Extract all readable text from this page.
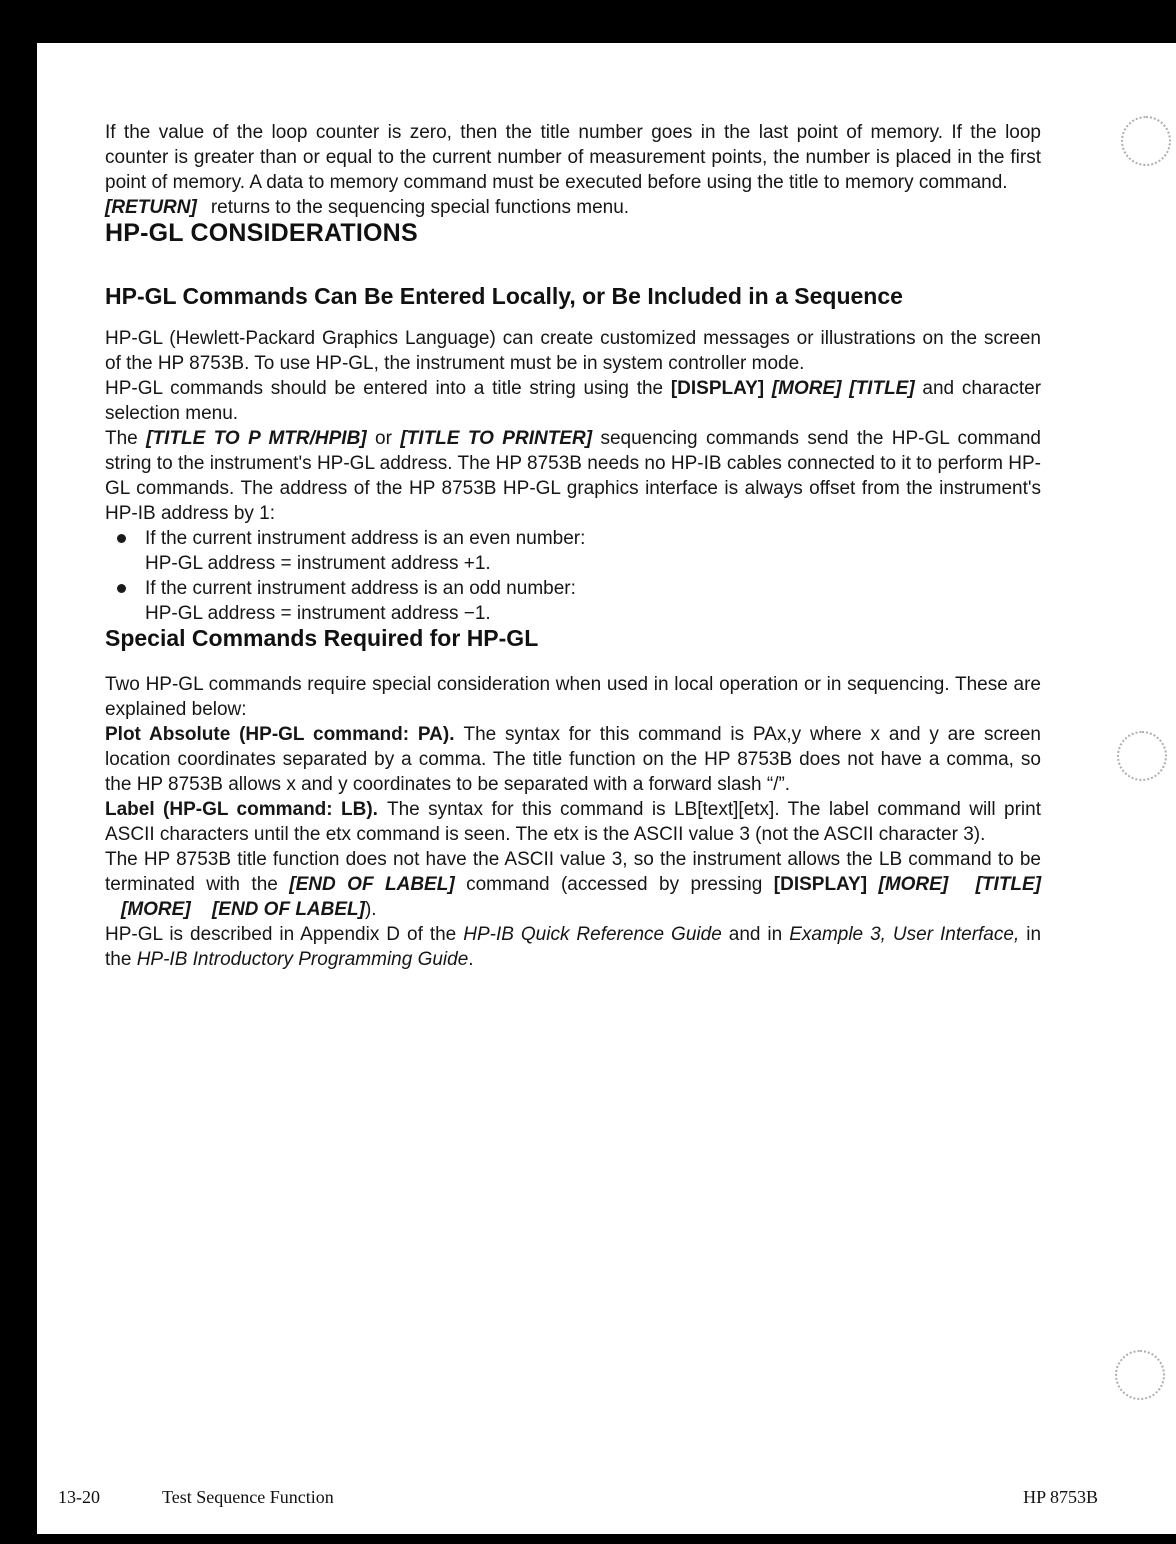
If the value of the loop counter is zero, then the title number goes in the last point of memory. If the loop counter is greater than or equal to the current number of measurement points, the number is placed in the first point of memory. A data to memory command must be executed before using the title to memory command.

[RETURN] returns to the sequencing special functions menu.

HP-GL CONSIDERATIONS
HP-GL Commands Can Be Entered Locally, or Be Included in a Sequence

HP-GL (Hewlett-Packard Graphics Language) can create customized messages or illustrations on the screen of the HP 8753B. To use HP-GL, the instrument must be in system controller mode.

HP-GL commands should be entered into a title string using the [DISPLAY] [MORE] [TITLE] and character selection menu.

The [TITLE TO P MTR/HPIB] or [TITLE TO PRINTER] sequencing commands send the HP-GL command string to the instrument's HP-GL address. The HP 8753B needs no HP-IB cables connected to it to perform HP-GL commands. The address of the HP 8753B HP-GL graphics interface is always offset from the instrument's HP-IB address by 1:

If the current instrument address is an even number:
HP-GL address = instrument address +1.
If the current instrument address is an odd number:
HP-GL address = instrument address −1.
Special Commands Required for HP-GL

Two HP-GL commands require special consideration when used in local operation or in sequencing. These are explained below:

Plot Absolute (HP-GL command: PA). The syntax for this command is PAx,y where x and y are screen location coordinates separated by a comma. The title function on the HP 8753B does not have a comma, so the HP 8753B allows x and y coordinates to be separated with a forward slash “/”.

Label (HP-GL command: LB). The syntax for this command is LB[text][etx]. The label command will print ASCII characters until the etx command is seen. The etx is the ASCII value 3 (not the ASCII character 3).

The HP 8753B title function does not have the ASCII value 3, so the instrument allows the LB command to be terminated with the [END OF LABEL] command (accessed by pressing [DISPLAY] [MORE] [TITLE] [MORE] [END OF LABEL]).

HP-GL is described in Appendix D of the HP-IB Quick Reference Guide and in Example 3, User Interface, in the HP-IB Introductory Programming Guide.

13-20	Test Sequence Function	HP 8753B
